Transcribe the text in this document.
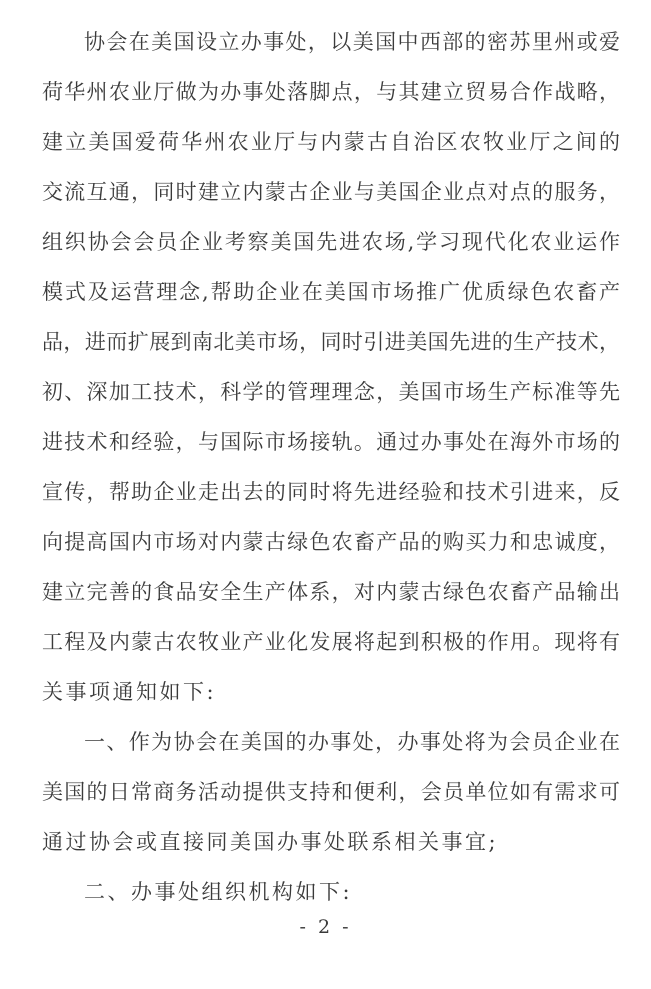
协会在美国设立办事处，以美国中西部的密苏里州或爱
荷华州农业厅做为办事处落脚点，与其建立贸易合作战略，
建立美国爱荷华州农业厅与内蒙古自治区农牧业厅之间的
交流互通，同时建立内蒙古企业与美国企业点对点的服务，
组织协会会员企业考察美国先进农场,学习现代化农业运作
模式及运营理念,帮助企业在美国市场推广优质绿色农畜产
品，进而扩展到南北美市场，同时引进美国先进的生产技术，
初、深加工技术，科学的管理理念，美国市场生产标准等先
进技术和经验，与国际市场接轨。通过办事处在海外市场的
宣传，帮助企业走出去的同时将先进经验和技术引进来，反
向提高国内市场对内蒙古绿色农畜产品的购买力和忠诚度，
建立完善的食品安全生产体系，对内蒙古绿色农畜产品输出
工程及内蒙古农牧业产业化发展将起到积极的作用。现将有
关事项通知如下:
一、作为协会在美国的办事处，办事处将为会员企业在
美国的日常商务活动提供支持和便利，会员单位如有需求可
通过协会或直接同美国办事处联系相关事宜;
二、办事处组织机构如下:
- 2 -
